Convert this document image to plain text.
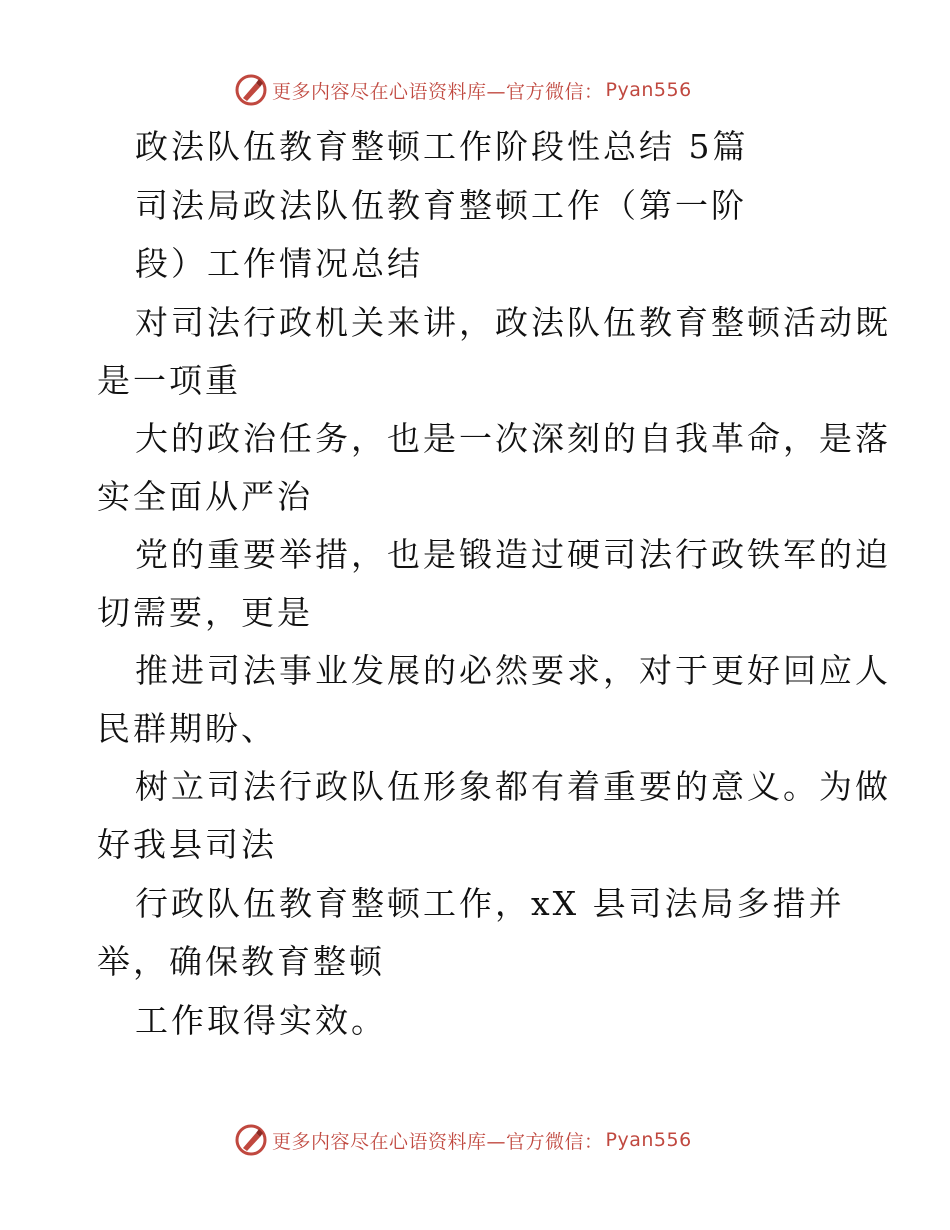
更多内容尽在心语资料库—官方微信： Pyan556
政法队伍教育整顿工作阶段性总结 5篇
司法局政法队伍教育整顿工作（第一阶
段）工作情况总结
对司法行政机关来讲，政法队伍教育整顿活动既
是一项重
大的政治任务，也是一次深刻的自我革命，是落
实全面从严治
党的重要举措，也是锻造过硬司法行政铁军的迫
切需要，更是
推进司法事业发展的必然要求，对于更好回应人
民群期盼、
树立司法行政队伍形象都有着重要的意义。为做
好我县司法
行政队伍教育整顿工作，xX 县司法局多措并
举，确保教育整顿
工作取得实效。
更多内容尽在心语资料库—官方微信： Pyan556
